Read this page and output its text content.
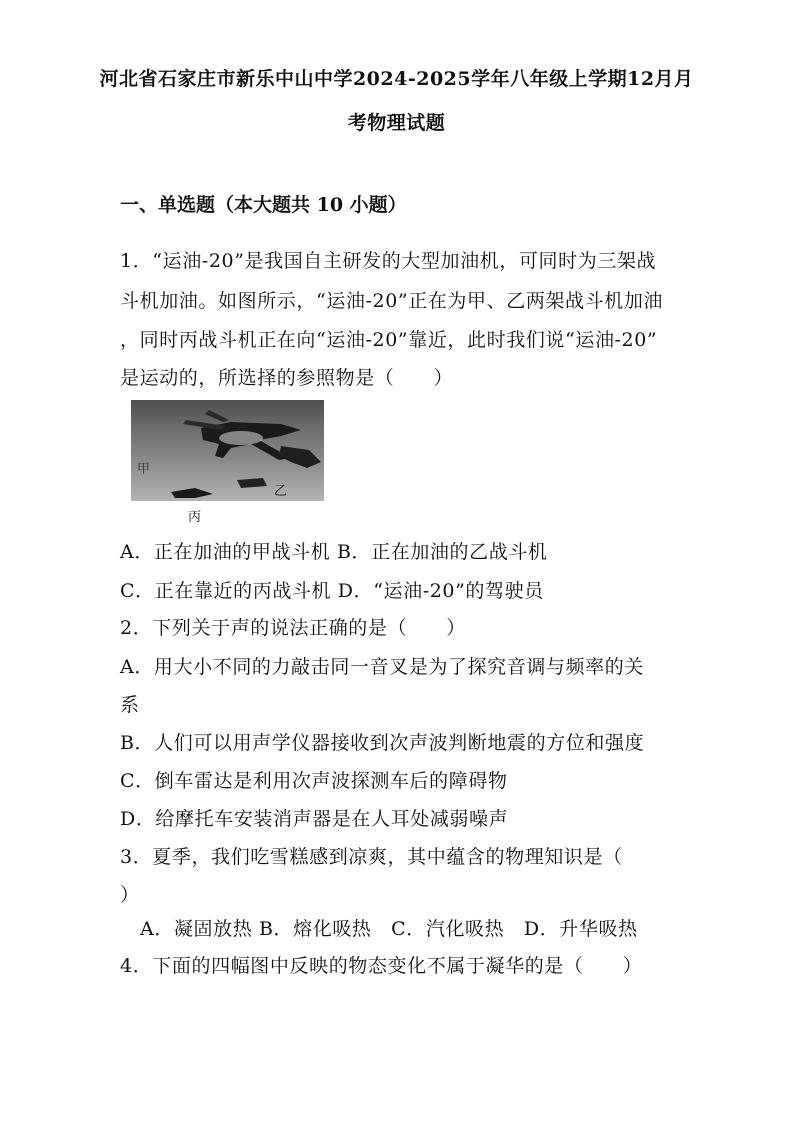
河北省石家庄市新乐中山中学2024-2025学年八年级上学期12月月
考物理试题
一、单选题（本大题共 10 小题）
1．“运油-20”是我国自主研发的大型加油机，可同时为三架战
斗机加油。如图所示，“运油-20”正在为甲、乙两架战斗机加油
，同时丙战斗机正在向“运油-20”靠近，此时我们说“运油-20”
是运动的，所选择的参照物是（　　）
甲
乙
丙
A．正在加油的甲战斗机 B．正在加油的乙战斗机
C．正在靠近的丙战斗机 D．“运油-20”的驾驶员
2．下列关于声的说法正确的是（　　）
A．用大小不同的力敲击同一音叉是为了探究音调与频率的关
系
B．人们可以用声学仪器接收到次声波判断地震的方位和强度
C．倒车雷达是利用次声波探测车后的障碍物
D．给摩托车安装消声器是在人耳处减弱噪声
3．夏季，我们吃雪糕感到凉爽，其中蕴含的物理知识是（
）
A．凝固放热 B．熔化吸热　C．汽化吸热　D．升华吸热
4．下面的四幅图中反映的物态变化不属于凝华的是（　　）
